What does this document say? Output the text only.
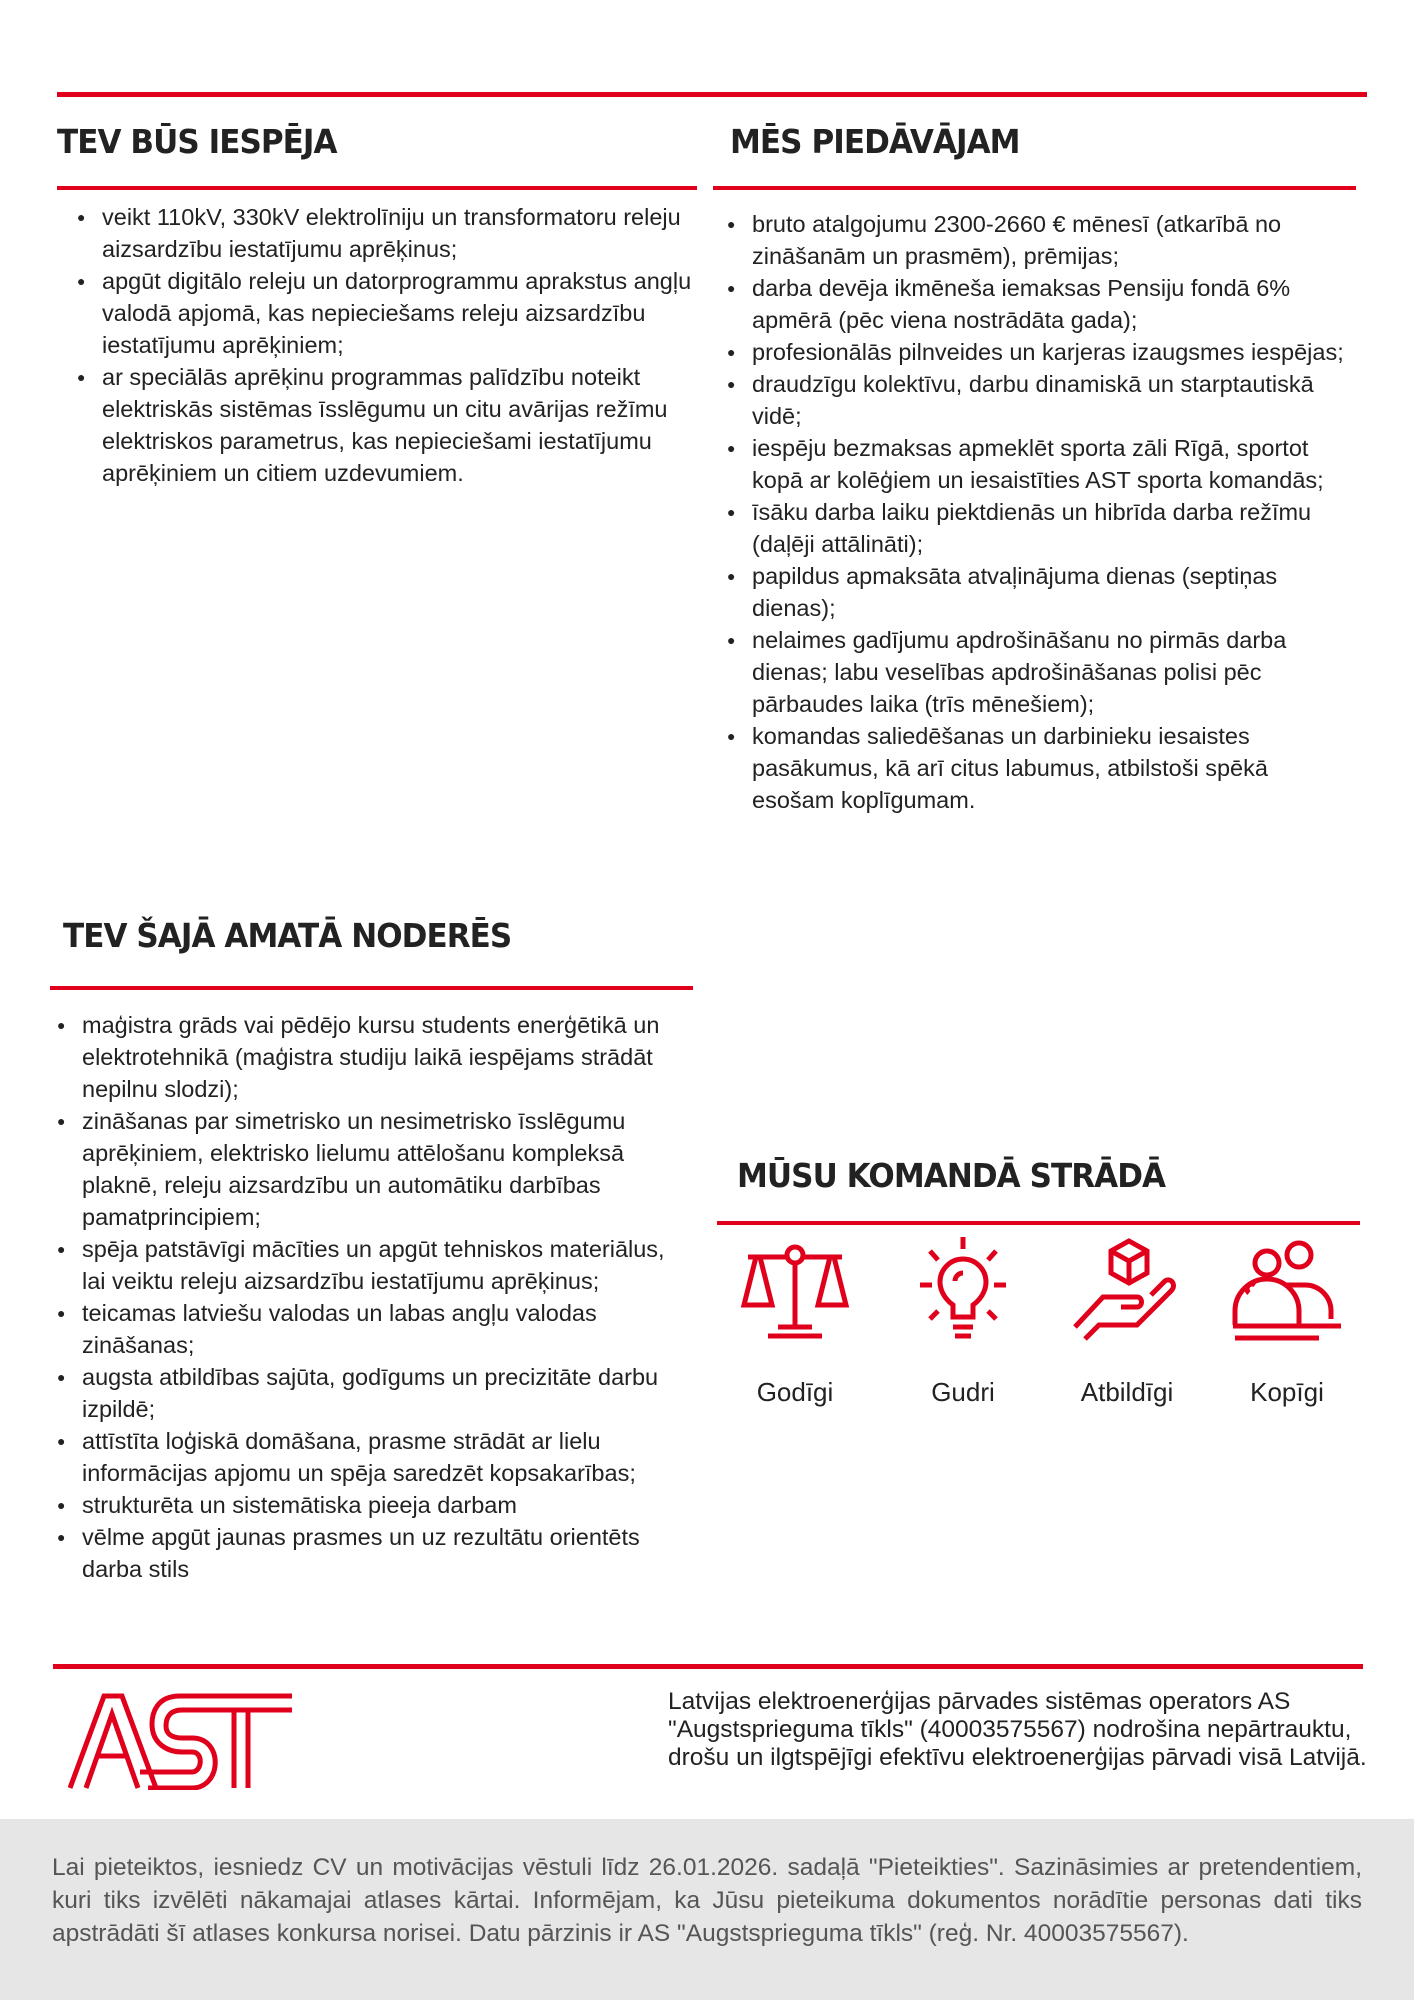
TEV BŪS IESPĒJA
● veikt 110kV, 330kV elektrolīniju un transformatoru releju aizsardzību iestatījumu aprēķinus;
● apgūt digitālo releju un datorprogrammu aprakstus angļu valodā apjomā, kas nepieciešams releju aizsardzību iestatījumu aprēķiniem;
● ar speciālās aprēķinu programmas palīdzību noteikt elektriskās sistēmas īsslēgumu un citu avārijas režīmu elektriskos parametrus, kas nepieciešami iestatījumu aprēķiniem un citiem uzdevumiem.
MĒS PIEDĀVĀJAM
● bruto atalgojumu 2300-2660 € mēnesī (atkarībā no zināšanām un prasmēm), prēmijas;
● darba devēja ikmēneša iemaksas Pensiju fondā 6% apmērā (pēc viena nostrādāta gada);
● profesionālās pilnveides un karjeras izaugsmes iespējas;
● draudzīgu kolektīvu, darbu dinamiskā un starptautiskā vidē;
● iespēju bezmaksas apmeklēt sporta zāli Rīgā, sportot kopā ar kolēģiem un iesaistīties AST sporta komandās;
● īsāku darba laiku piektdienās un hibrīda darba režīmu (daļēji attālināti);
● papildus apmaksāta atvaļinājuma dienas (septiņas dienas);
● nelaimes gadījumu apdrošināšanu no pirmās darba dienas; labu veselības apdrošināšanas polisi pēc pārbaudes laika (trīs mēnešiem);
● komandas saliedēšanas un darbinieku iesaistes pasākumus, kā arī citus labumus, atbilstoši spēkā esošam koplīgumam.
TEV ŠAJĀ AMATĀ NODERĒS
● maģistra grāds vai pēdējo kursu students enerģētikā un elektrotehnikā (maģistra studiju laikā iespējams strādāt nepilnu slodzi);
● zināšanas par simetrisko un nesimetrisko īsslēgumu aprēķiniem, elektrisko lielumu attēlošanu kompleksā plaknē, releju aizsardzību un automātiku darbības pamatprincipiem;
● spēja patstāvīgi mācīties un apgūt tehniskos materiālus, lai veiktu releju aizsardzību iestatījumu aprēķinus;
● teicamas latviešu valodas un labas angļu valodas zināšanas;
● augsta atbildības sajūta, godīgums un precizitāte darbu izpildē;
● attīstīta loģiskā domāšana, prasme strādāt ar lielu informācijas apjomu un spēja saredzēt kopsakarības;
● strukturēta un sistemātiska pieeja darbam
● vēlme apgūt jaunas prasmes un uz rezultātu orientēts darba stils
MŪSU KOMANDĀ STRĀDĀ
Godīgi	Gudri	Atbildīgi	Kopīgi
Latvijas elektroenerģijas pārvades sistēmas operators AS "Augstsprieguma tīkls" (40003575567) nodrošina nepārtrauktu, drošu un ilgtspējīgi efektīvu elektroenerģijas pārvadi visā Latvijā.

Lai pieteiktos, iesniedz CV un motivācijas vēstuli līdz 26.01.2026. sadaļā "Pieteikties". Sazināsimies ar pretendentiem, kuri tiks izvēlēti nākamajai atlases kārtai. Informējam, ka Jūsu pieteikuma dokumentos norādītie personas dati tiks apstrādāti šī atlases konkursa norisei. Datu pārzinis ir AS "Augstsprieguma tīkls" (reģ. Nr. 40003575567).
